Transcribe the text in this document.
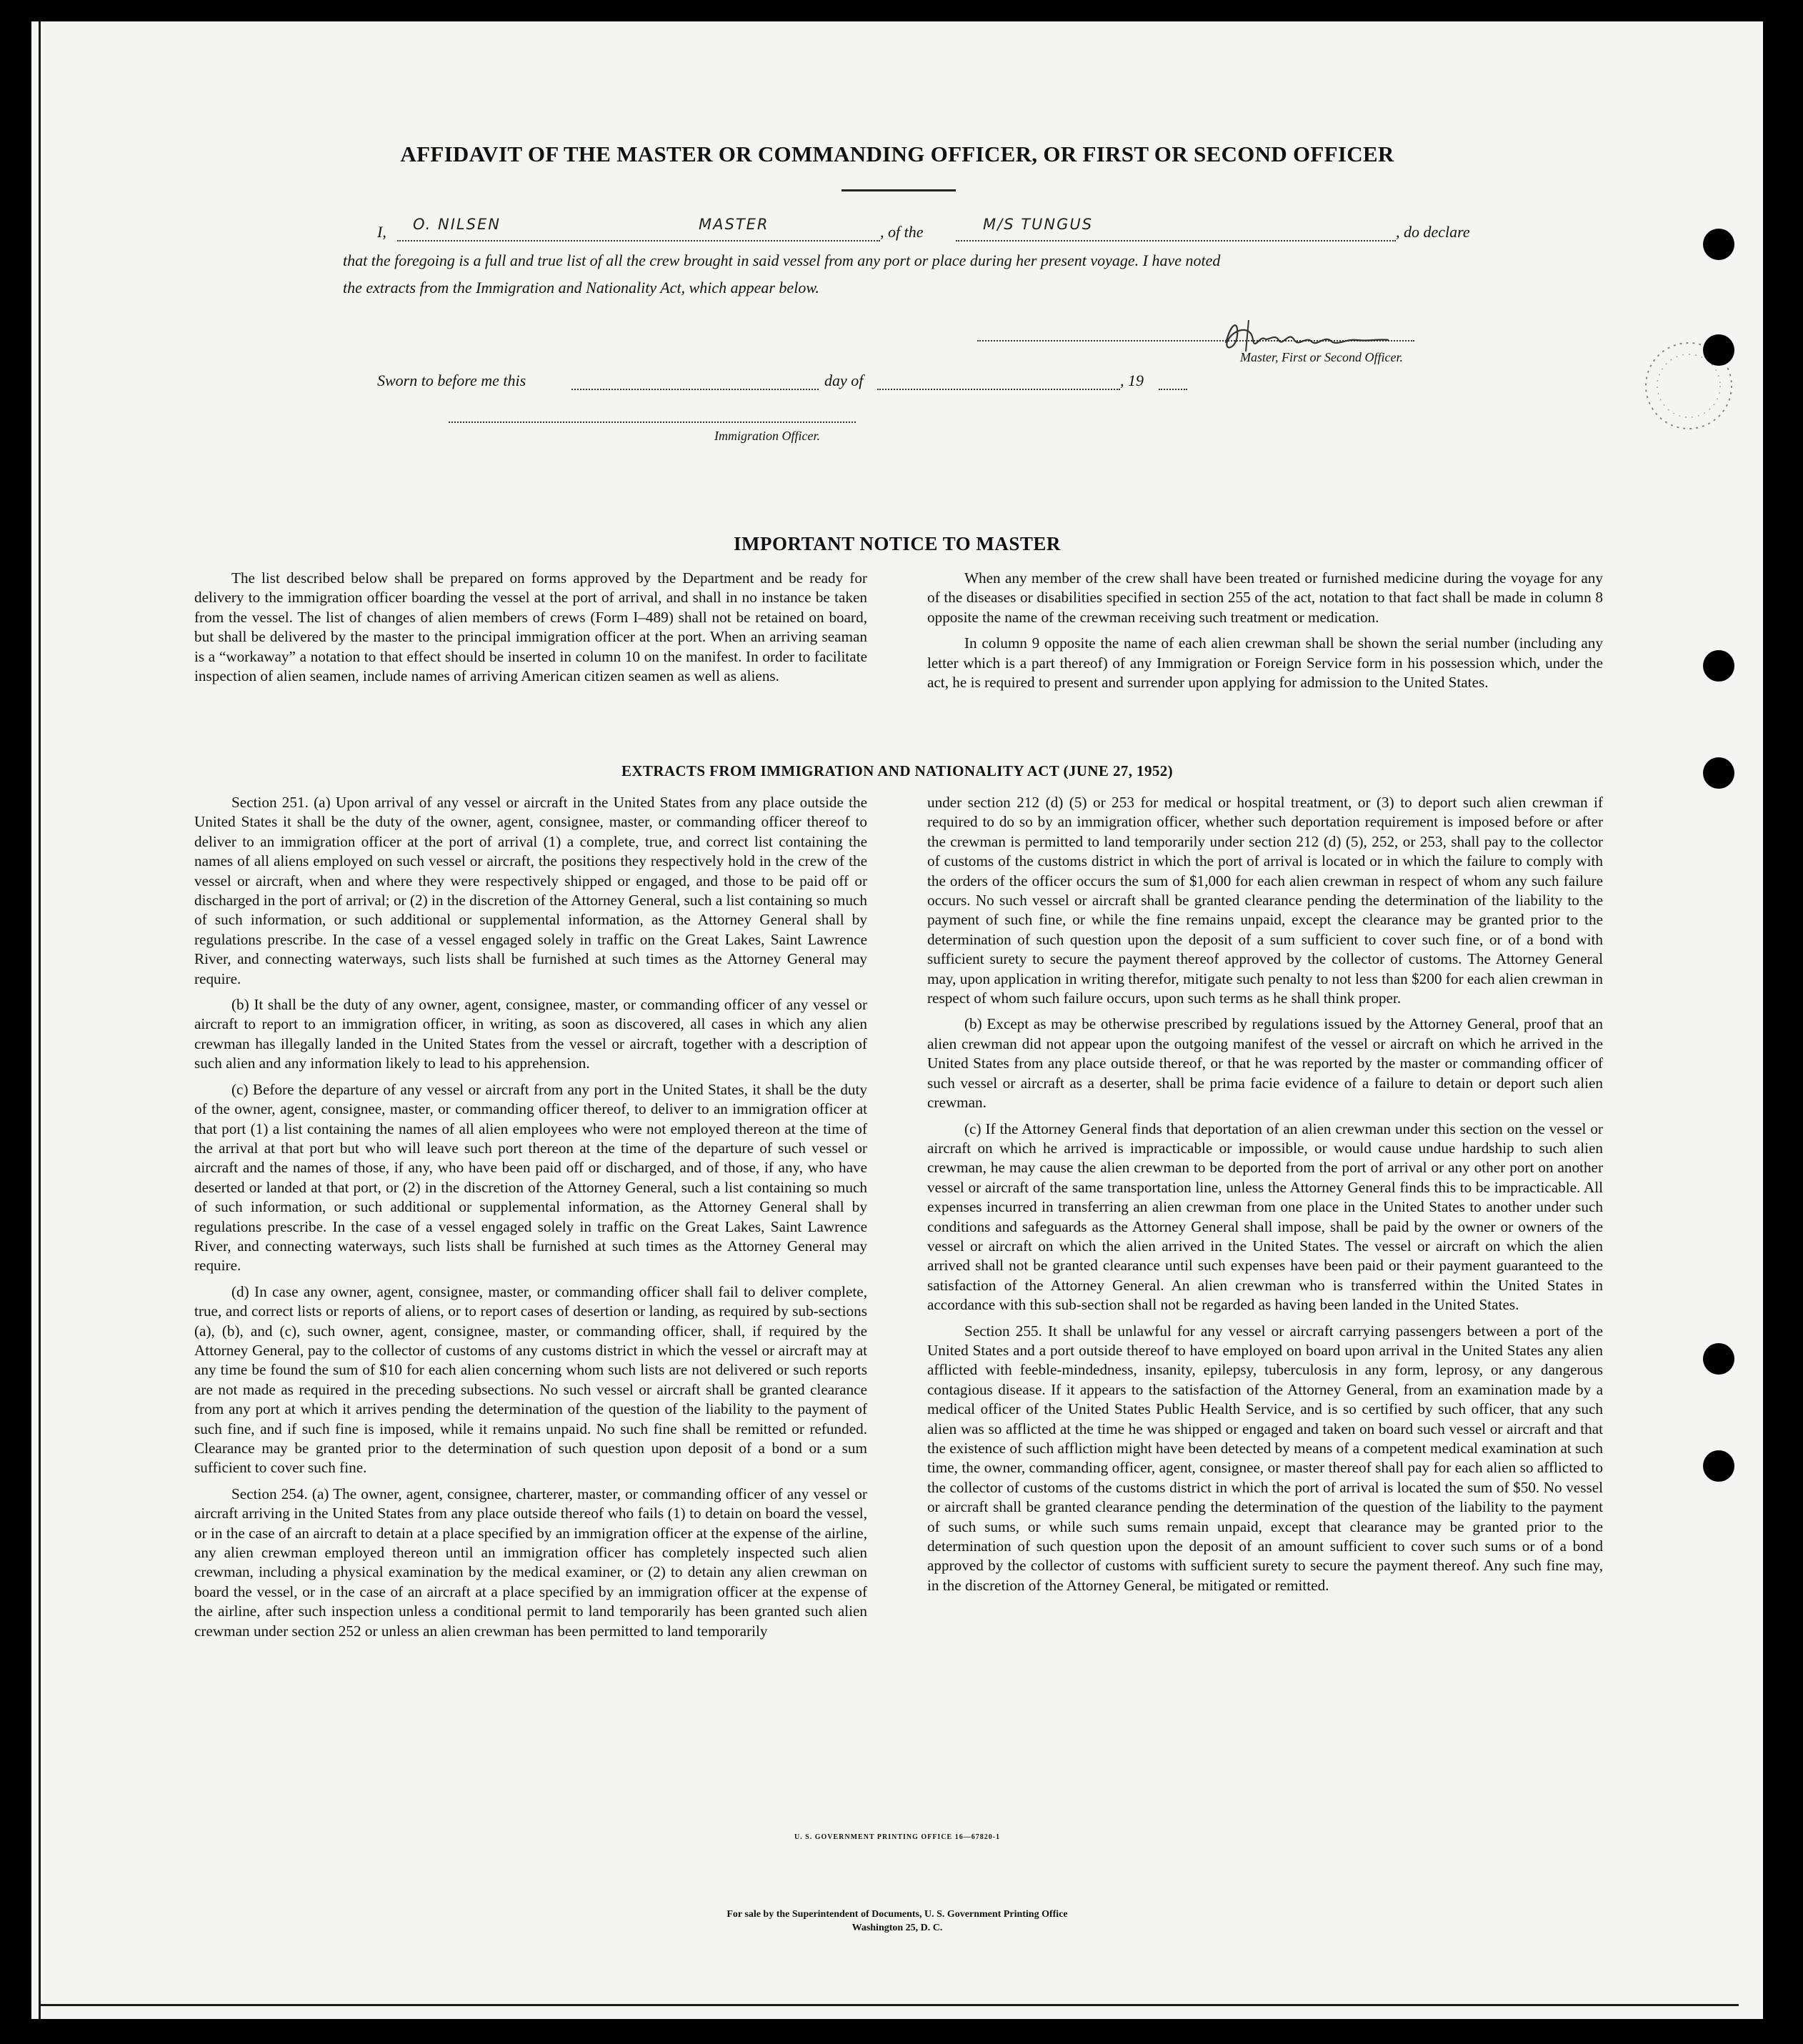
AFFIDAVIT OF THE MASTER OR COMMANDING OFFICER, OR FIRST OR SECOND OFFICER
I, O. NILSEN	MASTER	, of the	M/S TUNGUS	, do declare
that the foregoing is a full and true list of all the crew brought in said vessel from any port or place during her present voyage. I have noted
the extracts from the Immigration and Nationality Act, which appear below.
Master, First or Second Officer.
Sworn to before me this	day of	, 19
Immigration Officer.
IMPORTANT NOTICE TO MASTER

The list described below shall be prepared on forms approved by the Department and be ready for delivery to the immigration officer boarding the vessel at the port of arrival, and shall in no instance be taken from the vessel. The list of changes of alien members of crews (Form I–489) shall not be retained on board, but shall be delivered by the master to the principal immigration officer at the port. When an arriving seaman is a “workaway” a notation to that effect should be inserted in column 10 on the manifest. In order to facilitate inspection of alien seamen, include names of arriving American citizen seamen as well as aliens.

When any member of the crew shall have been treated or furnished medicine during the voyage for any of the diseases or disabilities specified in section 255 of the act, notation to that fact shall be made in column 8 opposite the name of the crewman receiving such treatment or medication.

In column 9 opposite the name of each alien crewman shall be shown the serial number (including any letter which is a part thereof) of any Immigration or Foreign Service form in his possession which, under the act, he is required to present and surrender upon applying for admission to the United States.

EXTRACTS FROM IMMIGRATION AND NATIONALITY ACT (JUNE 27, 1952)

Section 251. (a) Upon arrival of any vessel or aircraft in the United States from any place outside the United States it shall be the duty of the owner, agent, consignee, master, or commanding officer thereof to deliver to an immigration officer at the port of arrival (1) a complete, true, and correct list containing the names of all aliens employed on such vessel or aircraft, the positions they respectively hold in the crew of the vessel or aircraft, when and where they were respectively shipped or engaged, and those to be paid off or discharged in the port of arrival; or (2) in the discretion of the Attorney General, such a list containing so much of such information, or such additional or supplemental information, as the Attorney General shall by regulations prescribe. In the case of a vessel engaged solely in traffic on the Great Lakes, Saint Lawrence River, and connecting waterways, such lists shall be furnished at such times as the Attorney General may require.

(b) It shall be the duty of any owner, agent, consignee, master, or commanding officer of any vessel or aircraft to report to an immigration officer, in writing, as soon as discovered, all cases in which any alien crewman has illegally landed in the United States from the vessel or aircraft, together with a description of such alien and any information likely to lead to his apprehension.

(c) Before the departure of any vessel or aircraft from any port in the United States, it shall be the duty of the owner, agent, consignee, master, or commanding officer thereof, to deliver to an immigration officer at that port (1) a list containing the names of all alien employees who were not employed thereon at the time of the arrival at that port but who will leave such port thereon at the time of the departure of such vessel or aircraft and the names of those, if any, who have been paid off or discharged, and of those, if any, who have deserted or landed at that port, or (2) in the discretion of the Attorney General, such a list containing so much of such information, or such additional or supplemental information, as the Attorney General shall by regulations prescribe. In the case of a vessel engaged solely in traffic on the Great Lakes, Saint Lawrence River, and connecting waterways, such lists shall be furnished at such times as the Attorney General may require.

(d) In case any owner, agent, consignee, master, or commanding officer shall fail to deliver complete, true, and correct lists or reports of aliens, or to report cases of desertion or landing, as required by sub-sections (a), (b), and (c), such owner, agent, consignee, master, or commanding officer, shall, if required by the Attorney General, pay to the collector of customs of any customs district in which the vessel or aircraft may at any time be found the sum of $10 for each alien concerning whom such lists are not delivered or such reports are not made as required in the preceding subsections. No such vessel or aircraft shall be granted clearance from any port at which it arrives pending the determination of the question of the liability to the payment of such fine, and if such fine is imposed, while it remains unpaid. No such fine shall be remitted or refunded. Clearance may be granted prior to the determination of such question upon deposit of a bond or a sum sufficient to cover such fine.

Section 254. (a) The owner, agent, consignee, charterer, master, or commanding officer of any vessel or aircraft arriving in the United States from any place outside thereof who fails (1) to detain on board the vessel, or in the case of an aircraft to detain at a place specified by an immigration officer at the expense of the airline, any alien crewman employed thereon until an immigration officer has completely inspected such alien crewman, including a physical examination by the medical examiner, or (2) to detain any alien crewman on board the vessel, or in the case of an aircraft at a place specified by an immigration officer at the expense of the airline, after such inspection unless a conditional permit to land temporarily has been granted such alien crewman under section 252 or unless an alien crewman has been permitted to land temporarily

under section 212 (d) (5) or 253 for medical or hospital treatment, or (3) to deport such alien crewman if required to do so by an immigration officer, whether such deportation requirement is imposed before or after the crewman is permitted to land temporarily under section 212 (d) (5), 252, or 253, shall pay to the collector of customs of the customs district in which the port of arrival is located or in which the failure to comply with the orders of the officer occurs the sum of $1,000 for each alien crewman in respect of whom any such failure occurs. No such vessel or aircraft shall be granted clearance pending the determination of the liability to the payment of such fine, or while the fine remains unpaid, except the clearance may be granted prior to the determination of such question upon the deposit of a sum sufficient to cover such fine, or of a bond with sufficient surety to secure the payment thereof approved by the collector of customs. The Attorney General may, upon application in writing therefor, mitigate such penalty to not less than $200 for each alien crewman in respect of whom such failure occurs, upon such terms as he shall think proper.

(b) Except as may be otherwise prescribed by regulations issued by the Attorney General, proof that an alien crewman did not appear upon the outgoing manifest of the vessel or aircraft on which he arrived in the United States from any place outside thereof, or that he was reported by the master or commanding officer of such vessel or aircraft as a deserter, shall be prima facie evidence of a failure to detain or deport such alien crewman.

(c) If the Attorney General finds that deportation of an alien crewman under this section on the vessel or aircraft on which he arrived is impracticable or impossible, or would cause undue hardship to such alien crewman, he may cause the alien crewman to be deported from the port of arrival or any other port on another vessel or aircraft of the same transportation line, unless the Attorney General finds this to be impracticable. All expenses incurred in transferring an alien crewman from one place in the United States to another under such conditions and safeguards as the Attorney General shall impose, shall be paid by the owner or owners of the vessel or aircraft on which the alien arrived in the United States. The vessel or aircraft on which the alien arrived shall not be granted clearance until such expenses have been paid or their payment guaranteed to the satisfaction of the Attorney General. An alien crewman who is transferred within the United States in accordance with this sub-section shall not be regarded as having been landed in the United States.

Section 255. It shall be unlawful for any vessel or aircraft carrying passengers between a port of the United States and a port outside thereof to have employed on board upon arrival in the United States any alien afflicted with feeble-mindedness, insanity, epilepsy, tuberculosis in any form, leprosy, or any dangerous contagious disease. If it appears to the satisfaction of the Attorney General, from an examination made by a medical officer of the United States Public Health Service, and is so certified by such officer, that any such alien was so afflicted at the time he was shipped or engaged and taken on board such vessel or aircraft and that the existence of such affliction might have been detected by means of a competent medical examination at such time, the owner, commanding officer, agent, consignee, or master thereof shall pay for each alien so afflicted to the collector of customs of the customs district in which the port of arrival is located the sum of $50. No vessel or aircraft shall be granted clearance pending the determination of the question of the liability to the payment of such sums, or while such sums remain unpaid, except that clearance may be granted prior to the determination of such question upon the deposit of an amount sufficient to cover such sums or of a bond approved by the collector of customs with sufficient surety to secure the payment thereof. Any such fine may, in the discretion of the Attorney General, be mitigated or remitted.

U. S. GOVERNMENT PRINTING OFFICE 16—67820-1
For sale by the Superintendent of Documents, U. S. Government Printing Office
Washington 25, D. C.
